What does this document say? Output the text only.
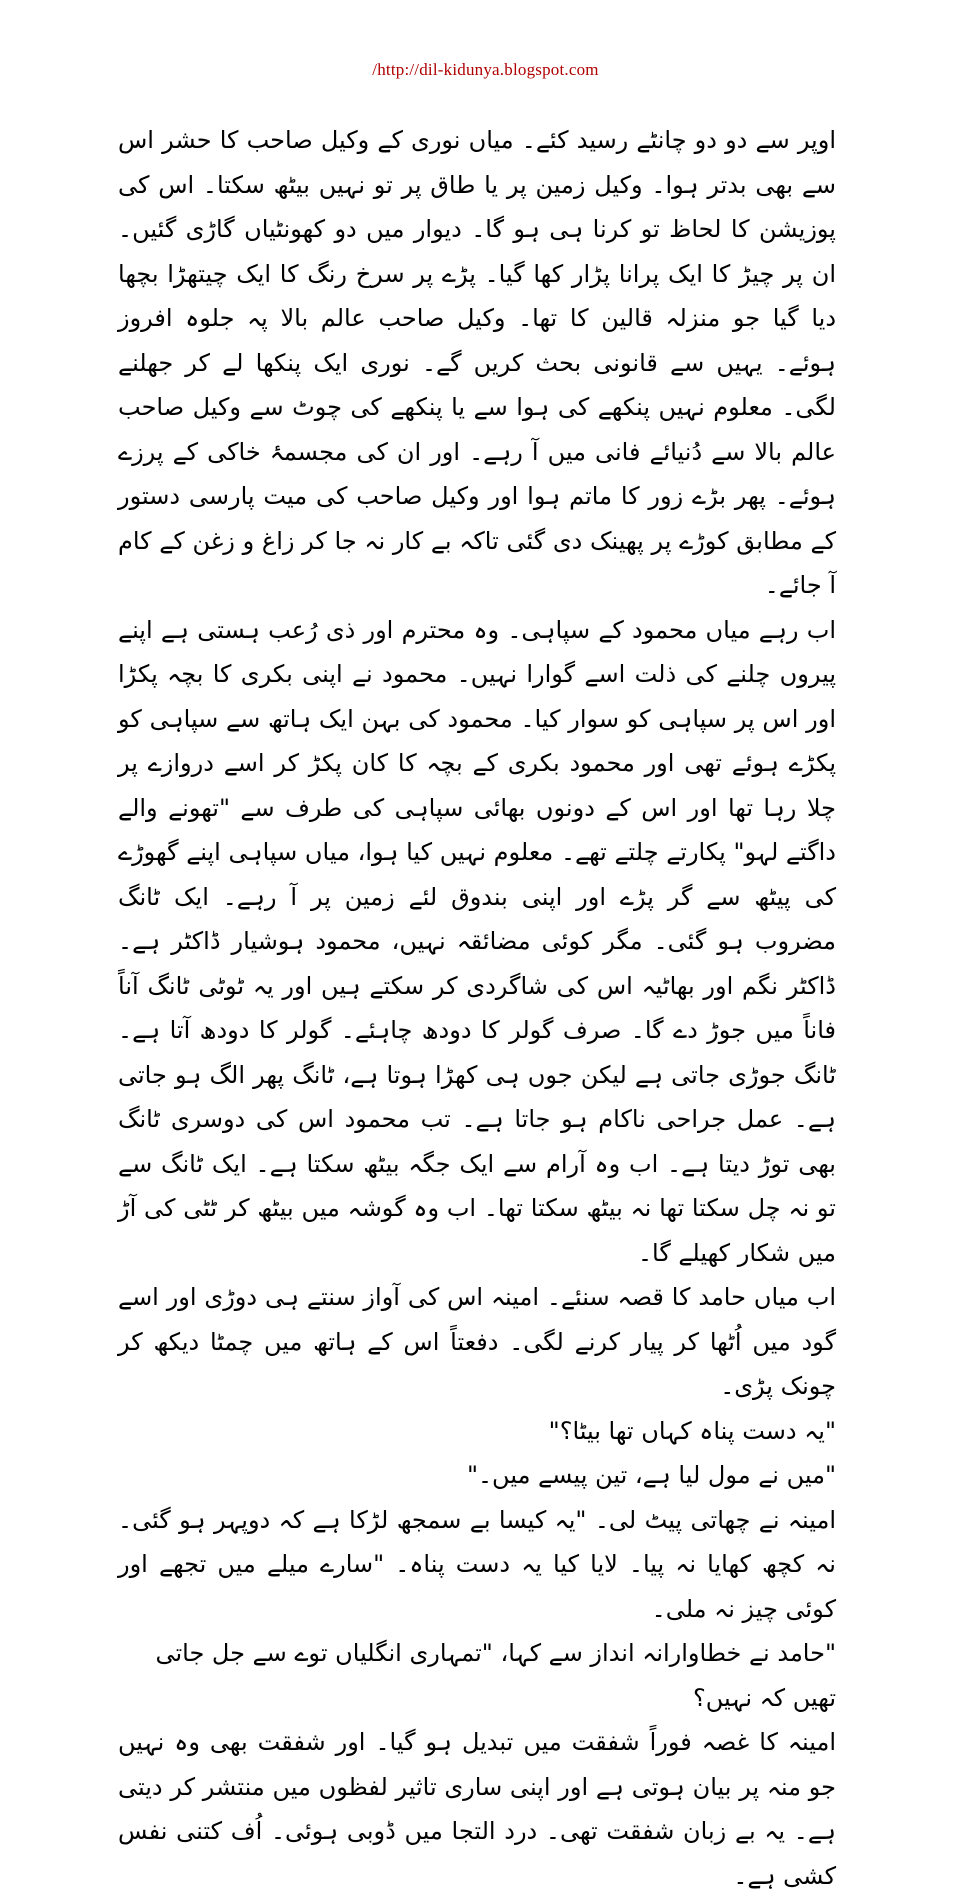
/http://dil-kidunya.blogspot.com

اوپر سے دو دو چانٹے رسید کئے۔ میاں نوری کے وکیل صاحب کا حشر اس سے بھی بدتر ہوا۔ وکیل زمین پر یا طاق پر تو نہیں بیٹھ سکتا۔ اس کی پوزیشن کا لحاظ تو کرنا ہی ہو گا۔ دیوار میں دو کھونٹیاں گاڑی گئیں۔ ان پر چیڑ کا ایک پرانا پڑار کھا گیا۔ پڑے پر سرخ رنگ کا ایک چیتھڑا بچھا دیا گیا جو منزلہ قالین کا تھا۔ وکیل صاحب عالم بالا پہ جلوہ افروز ہوئے۔ یہیں سے قانونی بحث کریں گے۔ نوری ایک پنکھا لے کر جھلنے لگی۔ معلوم نہیں پنکھے کی ہوا سے یا پنکھے کی چوٹ سے وکیل صاحب عالم بالا سے دُنیائے فانی میں آ رہے۔ اور ان کی مجسمۂ خاکی کے پرزے ہوئے۔ پھر بڑے زور کا ماتم ہوا اور وکیل صاحب کی میت پارسی دستور کے مطابق کوڑے پر پھینک دی گئی تاکہ بے کار نہ جا کر زاغ و زغن کے کام آ جائے۔

اب رہے میاں محمود کے سپاہی۔ وہ محترم اور ذی رُعب ہستی ہے اپنے پیروں چلنے کی ذلت اسے گوارا نہیں۔ محمود نے اپنی بکری کا بچہ پکڑا اور اس پر سپاہی کو سوار کیا۔ محمود کی بہن ایک ہاتھ سے سپاہی کو پکڑے ہوئے تھی اور محمود بکری کے بچہ کا کان پکڑ کر اسے دروازے پر چلا رہا تھا اور اس کے دونوں بھائی سپاہی کی طرف سے "تھونے والے داگتے لہو" پکارتے چلتے تھے۔ معلوم نہیں کیا ہوا، میاں سپاہی اپنے گھوڑے کی پیٹھ سے گر پڑے اور اپنی بندوق لئے زمین پر آ رہے۔ ایک ٹانگ مضروب ہو گئی۔ مگر کوئی مضائقہ نہیں، محمود ہوشیار ڈاکٹر ہے۔ ڈاکٹر نگم اور بھاٹیہ اس کی شاگردی کر سکتے ہیں اور یہ ٹوٹی ٹانگ آناً فاناً میں جوڑ دے گا۔ صرف گولر کا دودھ چاہئے۔ گولر کا دودھ آتا ہے۔ ٹانگ جوڑی جاتی ہے لیکن جوں ہی کھڑا ہوتا ہے، ٹانگ پھر الگ ہو جاتی ہے۔ عمل جراحی ناکام ہو جاتا ہے۔ تب محمود اس کی دوسری ٹانگ بھی توڑ دیتا ہے۔ اب وہ آرام سے ایک جگہ بیٹھ سکتا ہے۔ ایک ٹانگ سے تو نہ چل سکتا تھا نہ بیٹھ سکتا تھا۔ اب وہ گوشہ میں بیٹھ کر ٹٹی کی آڑ میں شکار کھیلے گا۔

اب میاں حامد کا قصہ سنئے۔ امینہ اس کی آواز سنتے ہی دوڑی اور اسے گود میں اُٹھا کر پیار کرنے لگی۔ دفعتاً اس کے ہاتھ میں چمٹا دیکھ کر چونک پڑی۔

"یہ دست پناہ کہاں تھا بیٹا؟"

"میں نے مول لیا ہے، تین پیسے میں۔"

امینہ نے چھاتی پیٹ لی۔ "یہ کیسا بے سمجھ لڑکا ہے کہ دوپہر ہو گئی۔ نہ کچھ کھایا نہ پیا۔ لایا کیا یہ دست پناہ۔ "سارے میلے میں تجھے اور کوئی چیز نہ ملی۔

"حامد نے خطاوارانہ انداز سے کہا، "تمہاری انگلیاں توے سے جل جاتی تھیں کہ نہیں؟

امینہ کا غصہ فوراً شفقت میں تبدیل ہو گیا۔ اور شفقت بھی وہ نہیں جو منہ پر بیان ہوتی ہے اور اپنی ساری تاثیر لفظوں میں منتشر کر دیتی ہے۔ یہ بے زبان شفقت تھی۔ درد التجا میں ڈوبی ہوئی۔ اُف کتنی نفس کشی ہے۔
